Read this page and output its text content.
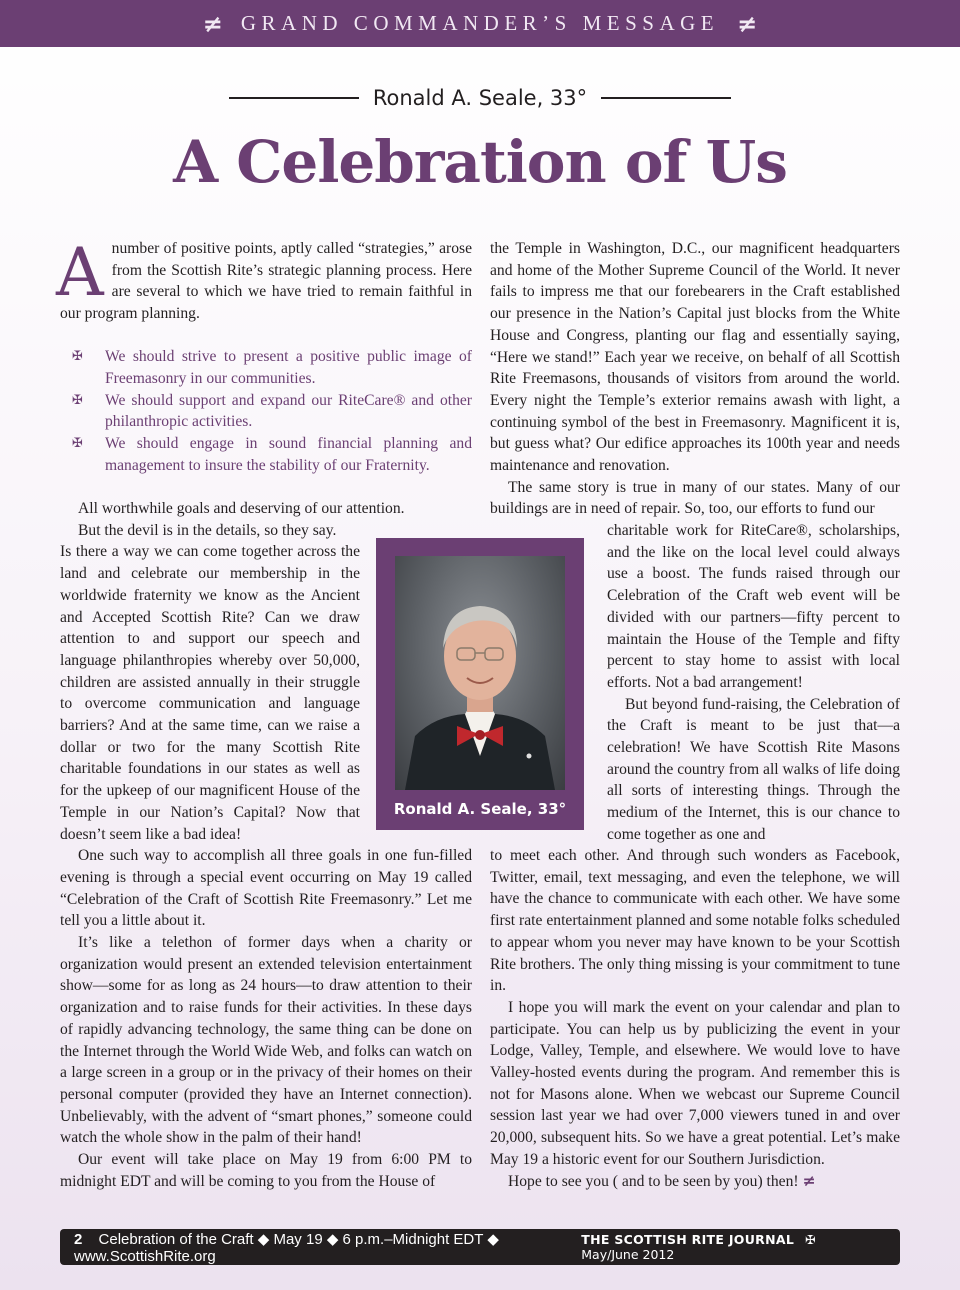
≠ GRAND COMMANDER’S MESSAGE ≠
Ronald A. Seale, 33°
A Celebration of Us
A number of positive points, aptly called “strategies,” arose from the Scottish Rite’s strategic planning process. Here are several to which we have tried to remain faithful in our program planning.
✠ We should strive to present a positive public image of Freemasonry in our communities.
✠ We should support and expand our RiteCare® and other philanthropic activities.
✠ We should engage in sound financial planning and management to insure the stability of our Fraternity.

All worthwhile goals and deserving of our attention.

But the devil is in the details, so they say.

Is there a way we can come together across the land and celebrate our membership in the worldwide fraternity we know as the Ancient and Accepted Scottish Rite? Can we draw attention to and support our speech and language philanthropies whereby over 50,000, children are assisted annually in their struggle to overcome communication and language barriers? And at the same time, can we raise a dollar or two for the many Scottish Rite charitable foundations in our states as well as for the upkeep of our magnificent House of the Temple in our Nation’s Capital? Now that doesn’t seem like a bad idea!

One such way to accomplish all three goals in one fun-filled evening is through a special event occurring on May 19 called “Celebration of the Craft of Scottish Rite Freemasonry.” Let me tell you a little about it.

It’s like a telethon of former days when a charity or organization would present an extended television entertainment show—some for as long as 24 hours—to draw attention to their organization and to raise funds for their activities. In these days of rapidly advancing technology, the same thing can be done on the Internet through the World Wide Web, and folks can watch on a large screen in a group or in the privacy of their homes on their personal computer (provided they have an Internet connection). Unbelievably, with the advent of “smart phones,” someone could watch the whole show in the palm of their hand!

Our event will take place on May 19 from 6:00 PM to midnight EDT and will be coming to you from the House of

Ronald A. Seale, 33°

the Temple in Washington, D.C., our magnificent headquarters and home of the Mother Supreme Council of the World. It never fails to impress me that our forebearers in the Craft established our presence in the Nation’s Capital just blocks from the White House and Congress, planting our flag and essentially saying, “Here we stand!” Each year we receive, on behalf of all Scottish Rite Freemasons, thousands of visitors from around the world. Every night the Temple’s exterior remains awash with light, a continuing symbol of the best in Freemasonry. Magnificent it is, but guess what? Our edifice approaches its 100th year and needs maintenance and renovation.

The same story is true in many of our states. Many of our buildings are in need of repair. So, too, our efforts to fund our

charitable work for RiteCare®, scholarships, and the like on the local level could always use a boost. The funds raised through our Celebration of the Craft web event will be divided with our partners—fifty percent to maintain the House of the Temple and fifty percent to stay home to assist with local efforts. Not a bad arrangement!

But beyond fund-raising, the Celebration of the Craft is meant to be just that—a celebration! We have Scottish Rite Masons around the country from all walks of life doing all sorts of interesting things. Through the medium of the Internet, this is our chance to come together as one and

to meet each other. And through such wonders as Facebook, Twitter, email, text messaging, and even the telephone, we will have the chance to communicate with each other. We have some first rate entertainment planned and some notable folks scheduled to appear whom you never may have known to be your Scottish Rite brothers. The only thing missing is your commitment to tune in.

I hope you will mark the event on your calendar and plan to participate. You can help us by publicizing the event in your Lodge, Valley, Temple, and elsewhere. We would love to have Valley-hosted events during the program. And remember this is not for Masons alone. When we webcast our Supreme Council session last year we had over 7,000 viewers tuned in and over 20,000, subsequent hits. So we have a great potential. Let’s make May 19 a historic event for our Southern Jurisdiction.

Hope to see you ( and to be seen by you) then! ≠

2 Celebration of the Craft ◆ May 19 ◆ 6 p.m.–Midnight EDT ◆ www.ScottishRite.org
THE SCOTTISH RITE JOURNAL ✠ May/June 2012
